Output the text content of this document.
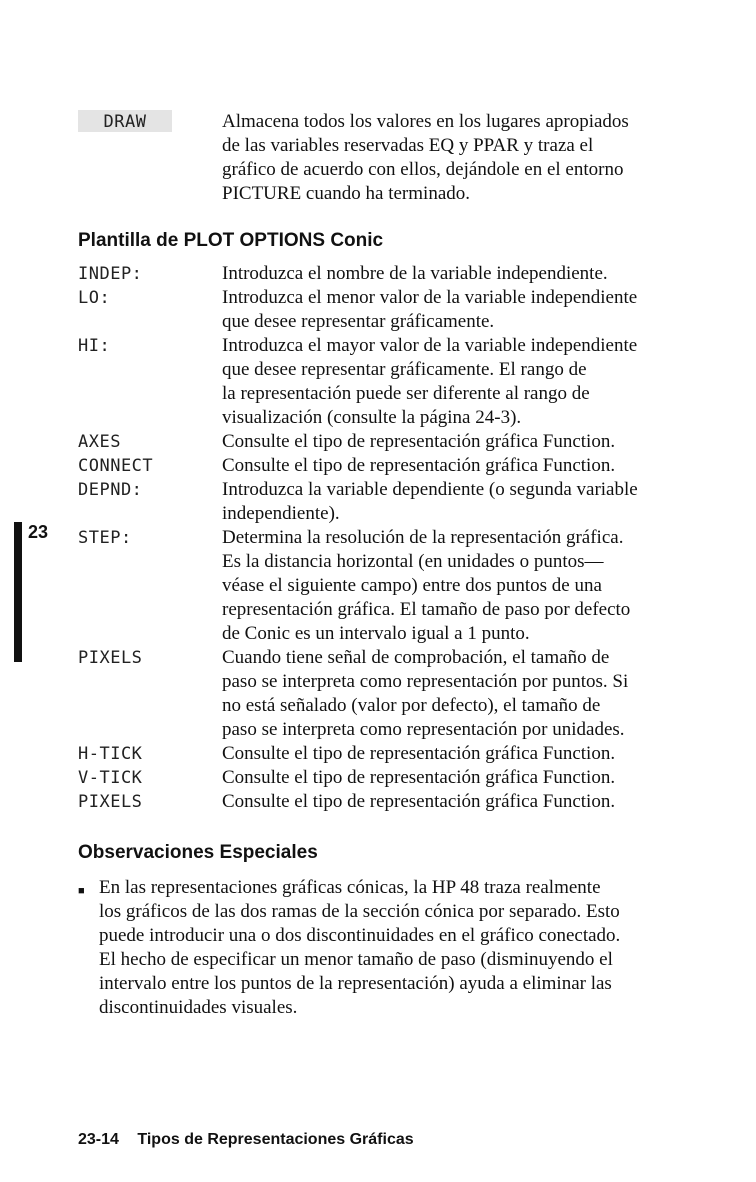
DRAW	Almacena todos los valores en los lugares apropiados
de las variables reservadas EQ y PPAR y traza el
gráfico de acuerdo con ellos, dejándole en el entorno
PICTURE cuando ha terminado.
Plantilla de PLOT OPTIONS Conic
INDEP:	Introduzca el nombre de la variable independiente.
LO:	Introduzca el menor valor de la variable independiente
que desee representar gráficamente.
HI:	Introduzca el mayor valor de la variable independiente
que desee representar gráficamente. El rango de
la representación puede ser diferente al rango de
visualización (consulte la página 24-3).
AXES	Consulte el tipo de representación gráfica Function.
CONNECT	Consulte el tipo de representación gráfica Function.
DEPND:	Introduzca la variable dependiente (o segunda variable
independiente).
STEP:	Determina la resolución de la representación gráfica.
Es la distancia horizontal (en unidades o puntos—
véase el siguiente campo) entre dos puntos de una
representación gráfica. El tamaño de paso por defecto
de Conic es un intervalo igual a 1 punto.
PIXELS	Cuando tiene señal de comprobación, el tamaño de
paso se interpreta como representación por puntos. Si
no está señalado (valor por defecto), el tamaño de
paso se interpreta como representación por unidades.
H-TICK	Consulte el tipo de representación gráfica Function.
V-TICK	Consulte el tipo de representación gráfica Function.
PIXELS	Consulte el tipo de representación gráfica Function.
23
Observaciones Especiales
■ En las representaciones gráficas cónicas, la HP 48 traza realmente
los gráficos de las dos ramas de la sección cónica por separado. Esto
puede introducir una o dos discontinuidades en el gráfico conectado.
El hecho de especificar un menor tamaño de paso (disminuyendo el
intervalo entre los puntos de la representación) ayuda a eliminar las
discontinuidades visuales.
23-14 Tipos de Representaciones Gráficas
